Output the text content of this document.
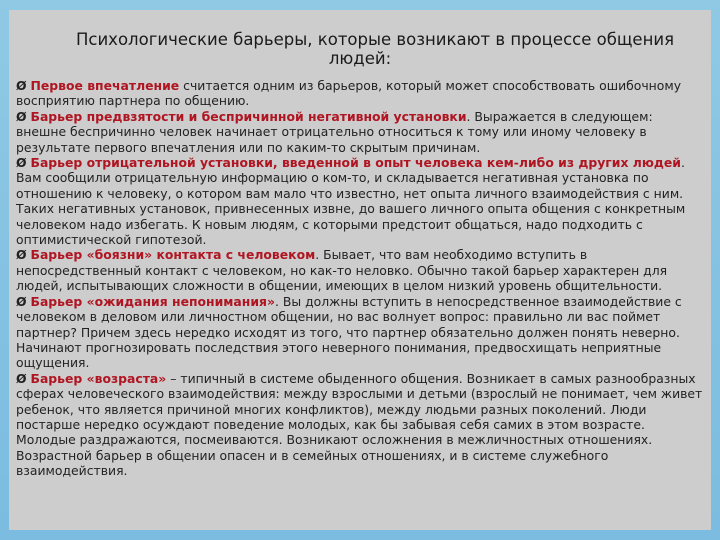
Психологические барьеры, которые возникают в процессе общения
людей:

Ø Первое впечатление считается одним из барьеров, который может способствовать ошибочному восприятию партнера по общению.

Ø Барьер предвзятости и беспричинной негативной установки. Выражается в следующем: внешне беспричинно человек начинает отрицательно относиться к тому или иному человеку в результате первого впечатления или по каким-то скрытым причинам.

Ø Барьер отрицательной установки, введенной в опыт человека кем-либо из других людей. Вам сообщили отрицательную информацию о ком-то, и складывается негативная установка по отношению к человеку, о котором вам мало что известно, нет опыта личного взаимодействия с ним. Таких негативных установок, привнесенных извне, до вашего личного опыта общения с конкретным человеком надо избегать. К новым людям, с которыми предстоит общаться, надо подходить с оптимистической гипотезой.

Ø Барьер «боязни» контакта с человеком. Бывает, что вам необходимо вступить в непосредственный контакт с человеком, но как-то неловко. Обычно такой барьер характерен для людей, испытывающих сложности в общении, имеющих в целом низкий уровень общительности.

Ø Барьер «ожидания непонимания». Вы должны вступить в непосредственное взаимодействие с человеком в деловом или личностном общении, но вас волнует вопрос: правильно ли вас поймет партнер? Причем здесь нередко исходят из того, что партнер обязательно должен понять неверно. Начинают прогнозировать последствия этого неверного понимания, предвосхищать неприятные ощущения.

Ø Барьер «возраста» – типичный в системе обыденного общения. Возникает в самых разнообразных сферах человеческого взаимодействия: между взрослыми и детьми (взрослый не понимает, чем живет ребенок, что является причиной многих конфликтов), между людьми разных поколений. Люди постарше нередко осуждают поведение молодых, как бы забывая себя самих в этом возрасте. Молодые раздражаются, посмеиваются. Возникают осложнения в межличностных отношениях. Возрастной барьер в общении опасен и в семейных отношениях, и в системе служебного взаимодействия.
